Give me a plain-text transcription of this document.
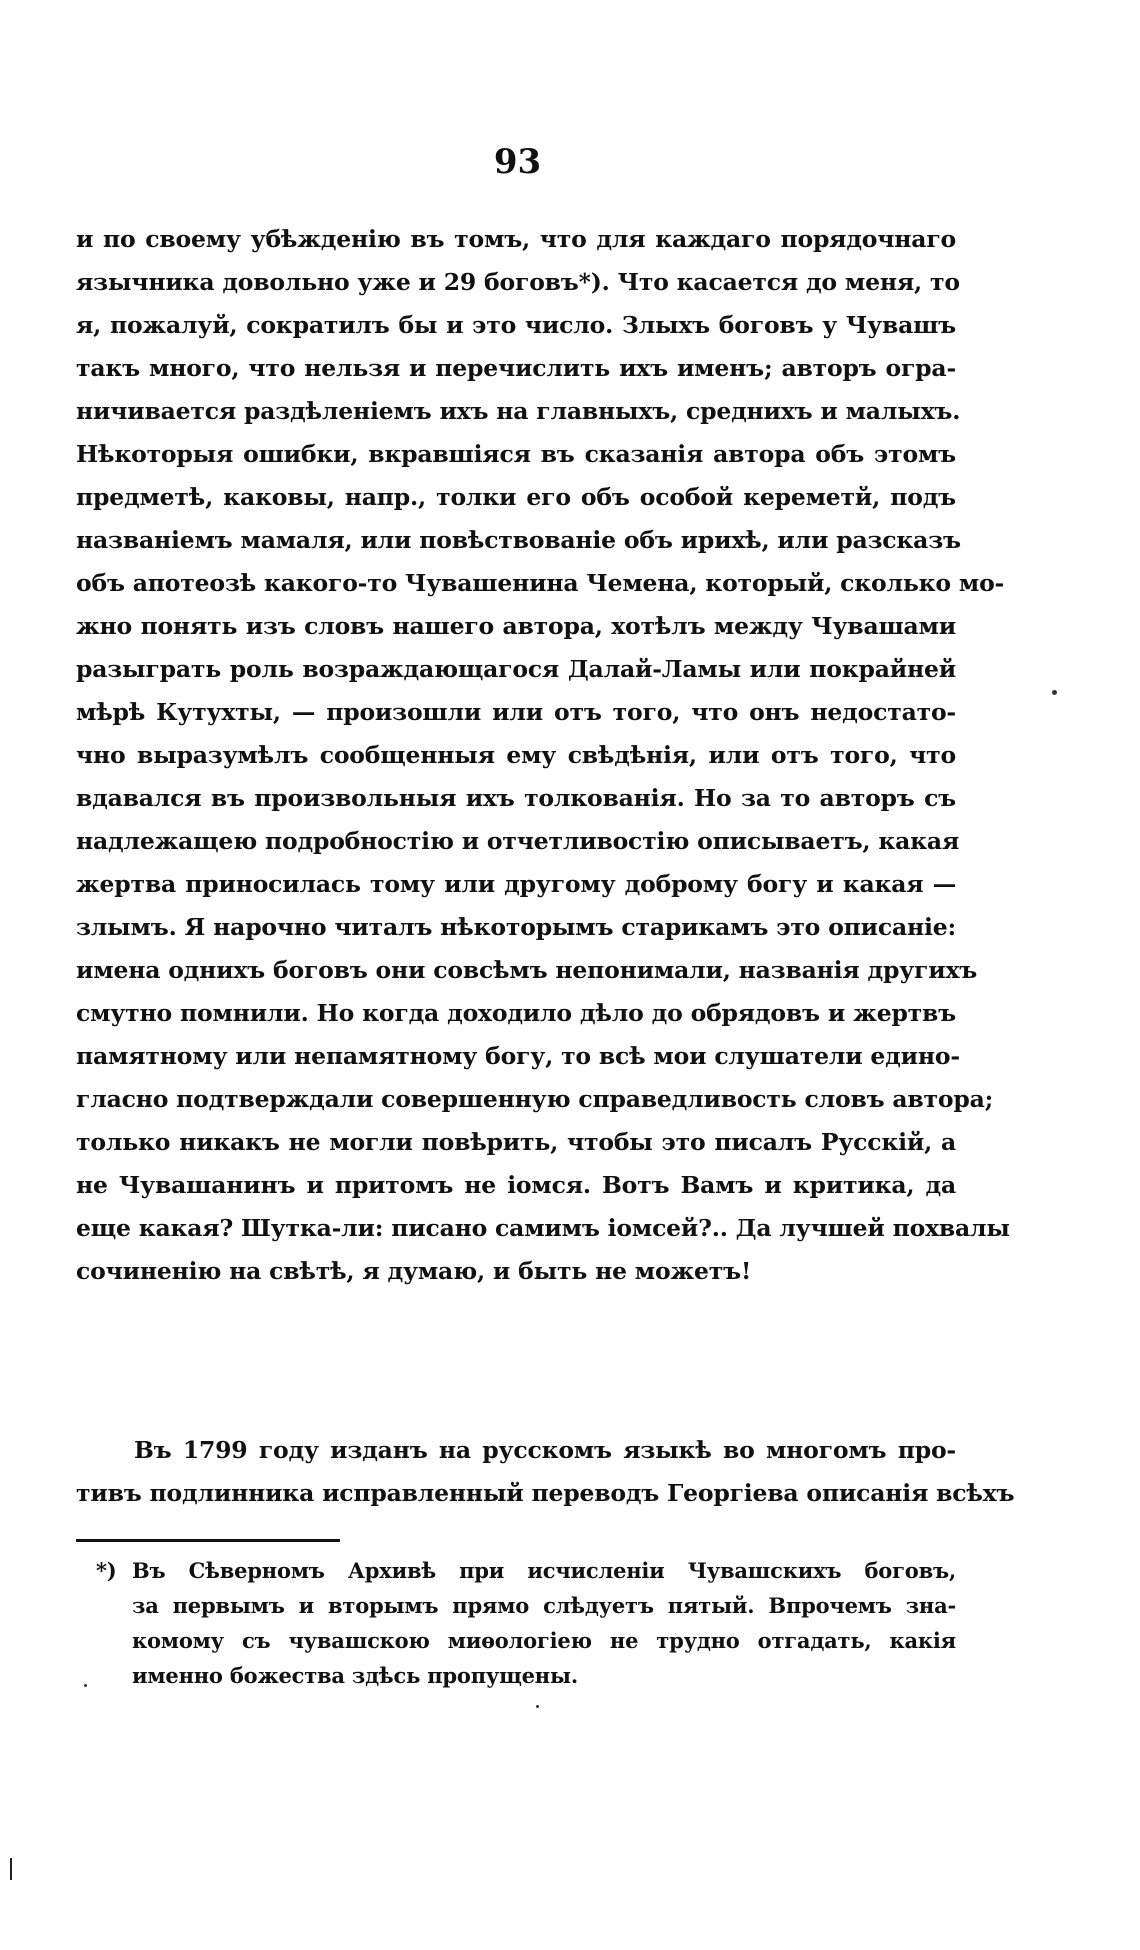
93
и по своему убѣжденію въ томъ, что для каждаго порядочнаго
язычника довольно уже и 29 боговъ*). Что касается до меня, то
я, пожалуй, сократилъ бы и это число. Злыхъ боговъ у Чувашъ
такъ много, что нельзя и перечислить ихъ именъ; авторъ огра-
ничивается раздѣленіемъ ихъ на главныхъ, среднихъ и малыхъ.
Нѣкоторыя ошибки, вкравшіяся въ сказанія автора объ этомъ
предметѣ, каковы, напр., толки его объ особой кереметй, подъ
названіемъ мамаля, или повѣствованіе объ ирихѣ, или разсказъ
объ апотеозѣ какого-то Чувашенина Чемена, который, сколько мо-
жно понять изъ словъ нашего автора, хотѣлъ между Чувашами
разыграть роль возраждающагося Далай-Ламы или покрайней
мѣрѣ Кутухты, — произошли или отъ того, что онъ недостато-
чно выразумѣлъ сообщенныя ему свѣдѣнія, или отъ того, что
вдавался въ произвольныя ихъ толкованія. Но за то авторъ съ
надлежащею подробностію и отчетливостію описываетъ, какая
жертва приносилась тому или другому доброму богу и какая —
злымъ. Я нарочно читалъ нѣкоторымъ старикамъ это описаніе:
имена однихъ боговъ они совсѣмъ непонимали, названія другихъ
смутно помнили. Но когда доходило дѣло до обрядовъ и жертвъ
памятному или непамятному богу, то всѣ мои слушатели едино-
гласно подтверждали совершенную справедливость словъ автора;
только никакъ не могли повѣрить, чтобы это писалъ Русскій, а
не Чувашанинъ и притомъ не іомся. Вотъ Вамъ и критика, да
еще какая? Шутка-ли: писано самимъ іомсей?.. Да лучшей похвалы
сочиненію на свѣтѣ, я думаю, и быть не можетъ!
Въ 1799 году изданъ на русскомъ языкѣ во многомъ про-
тивъ подлинника исправленный переводъ Георгіева описанія всѣхъ
*) Въ Сѣверномъ Архивѣ при исчисленіи Чувашскихъ боговъ,
за первымъ и вторымъ прямо слѣдуетъ пятый. Впрочемъ зна-
комому съ чувашскою миѳологіею не трудно отгадать, какія
именно божества здѣсь пропущены.
